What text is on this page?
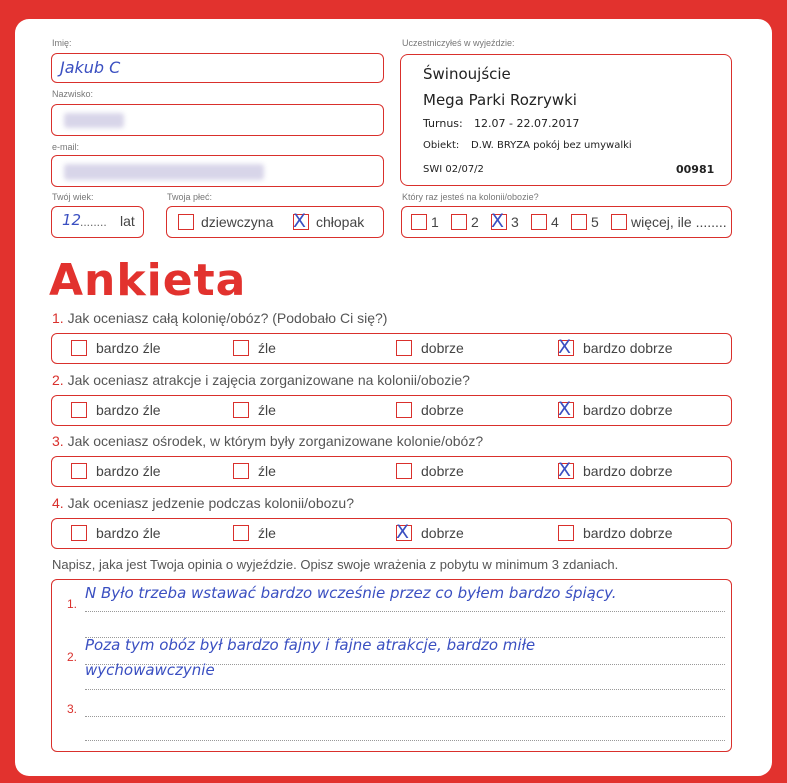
Imię:
Jakub C
Nazwisko:
e-mail:
Twój wiek:
12
........ lat
Twoja płeć:
dziewczyna X chłopak
Uczestniczyłeś w wyjeździe:
Świnoujście
Mega Parki Rozrywki
Turnus: 12.07 - 22.07.2017
Obiekt: D.W. BRYZA pokój bez umywalki
SWI 02/07/2	00981
Który raz jesteś na kolonii/obozie?
1 2 X 3 4 5 więcej, ile ........
Ankieta
1. Jak oceniasz całą kolonię/obóz? (Podobało Ci się?)
bardzo źle	źle	dobrze	X bardzo dobrze
2. Jak oceniasz atrakcje i zajęcia zorganizowane na kolonii/obozie?
bardzo źle	źle	dobrze	X bardzo dobrze
3. Jak oceniasz ośrodek, w którym były zorganizowane kolonie/obóz?
bardzo źle	źle	dobrze	X bardzo dobrze
4. Jak oceniasz jedzenie podczas kolonii/obozu?
bardzo źle	źle	X dobrze	bardzo dobrze
Napisz, jaka jest Twoja opinia o wyjeździe. Opisz swoje wrażenia z pobytu w minimum 3 zdaniach.
1.
N Było trzeba wstawać bardzo wcześnie przez co byłem bardzo śpiący.
2.
Poza tym obóz był bardzo fajny i fajne atrakcje, bardzo miłe
wychowawczynie
3.
